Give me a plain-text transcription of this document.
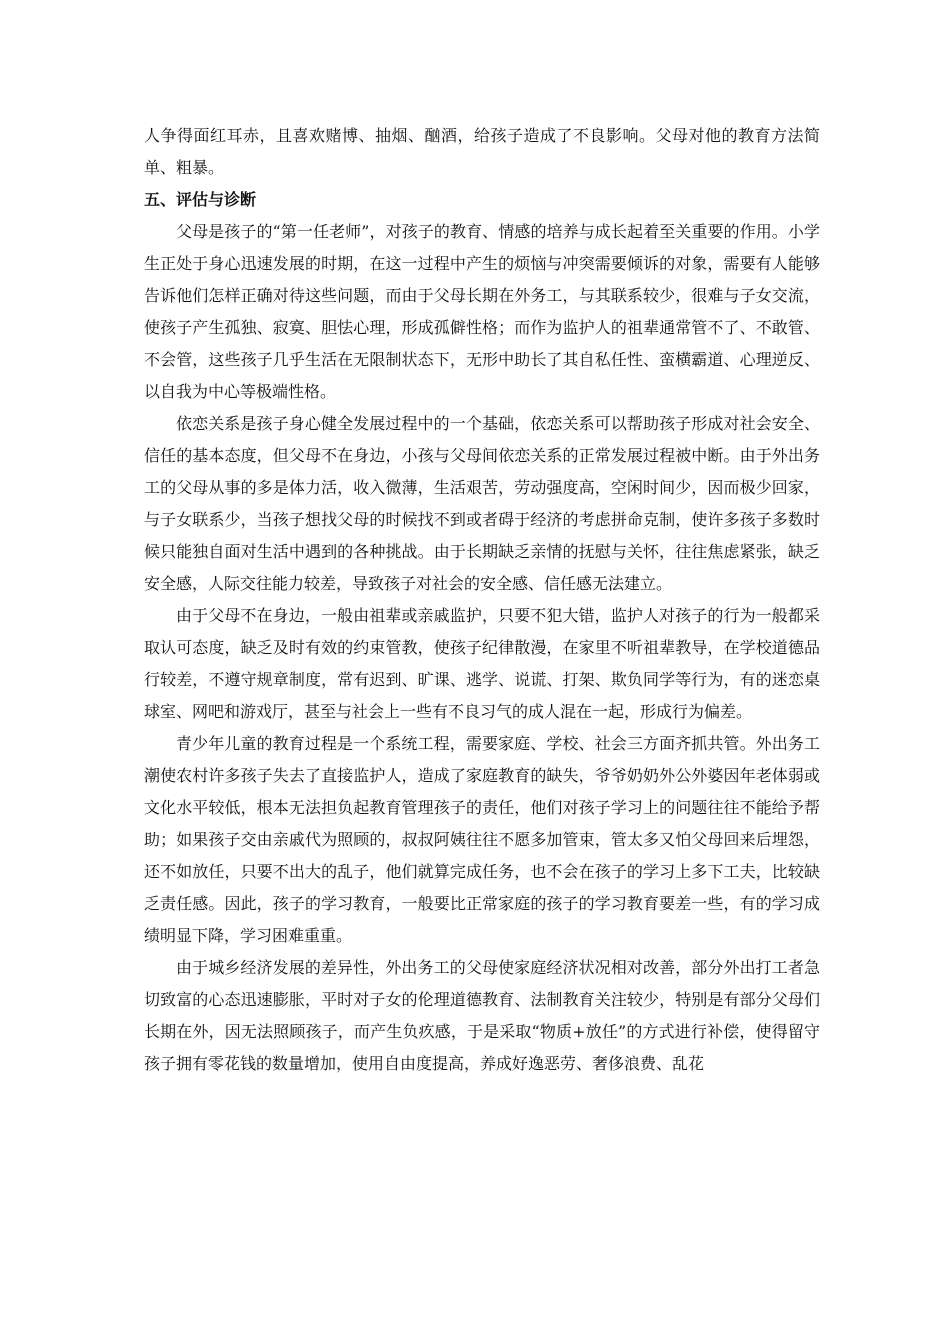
人争得面红耳赤，且喜欢赌博、抽烟、酗酒，给孩子造成了不良影响。父母对他的教育方法简单、粗暴。

五、评估与诊断

父母是孩子的“第一任老师”，对孩子的教育、情感的培养与成长起着至关重要的作用。小学生正处于身心迅速发展的时期，在这一过程中产生的烦恼与冲突需要倾诉的对象，需要有人能够告诉他们怎样正确对待这些问题，而由于父母长期在外务工，与其联系较少，很难与子女交流，使孩子产生孤独、寂寞、胆怯心理，形成孤僻性格；而作为监护人的祖辈通常管不了、不敢管、不会管，这些孩子几乎生活在无限制状态下，无形中助长了其自私任性、蛮横霸道、心理逆反、以自我为中心等极端性格。

依恋关系是孩子身心健全发展过程中的一个基础，依恋关系可以帮助孩子形成对社会安全、信任的基本态度，但父母不在身边，小孩与父母间依恋关系的正常发展过程被中断。由于外出务工的父母从事的多是体力活，收入微薄，生活艰苦，劳动强度高，空闲时间少，因而极少回家，与子女联系少，当孩子想找父母的时候找不到或者碍于经济的考虑拼命克制，使许多孩子多数时候只能独自面对生活中遇到的各种挑战。由于长期缺乏亲情的抚慰与关怀，往往焦虑紧张，缺乏安全感，人际交往能力较差，导致孩子对社会的安全感、信任感无法建立。

由于父母不在身边，一般由祖辈或亲戚监护，只要不犯大错，监护人对孩子的行为一般都采取认可态度，缺乏及时有效的约束管教，使孩子纪律散漫，在家里不听祖辈教导，在学校道德品行较差，不遵守规章制度，常有迟到、旷课、逃学、说谎、打架、欺负同学等行为，有的迷恋桌球室、网吧和游戏厅，甚至与社会上一些有不良习气的成人混在一起，形成行为偏差。

青少年儿童的教育过程是一个系统工程，需要家庭、学校、社会三方面齐抓共管。外出务工潮使农村许多孩子失去了直接监护人，造成了家庭教育的缺失，爷爷奶奶外公外婆因年老体弱或文化水平较低，根本无法担负起教育管理孩子的责任，他们对孩子学习上的问题往往不能给予帮助；如果孩子交由亲戚代为照顾的，叔叔阿姨往往不愿多加管束，管太多又怕父母回来后埋怨，还不如放任，只要不出大的乱子，他们就算完成任务，也不会在孩子的学习上多下工夫，比较缺乏责任感。因此，孩子的学习教育，一般要比正常家庭的孩子的学习教育要差一些，有的学习成绩明显下降，学习困难重重。

由于城乡经济发展的差异性，外出务工的父母使家庭经济状况相对改善，部分外出打工者急切致富的心态迅速膨胀，平时对子女的伦理道德教育、法制教育关注较少，特别是有部分父母们长期在外，因无法照顾孩子，而产生负疚感，于是采取“物质+放任”的方式进行补偿，使得留守孩子拥有零花钱的数量增加，使用自由度提高，养成好逸恶劳、奢侈浪费、乱花
